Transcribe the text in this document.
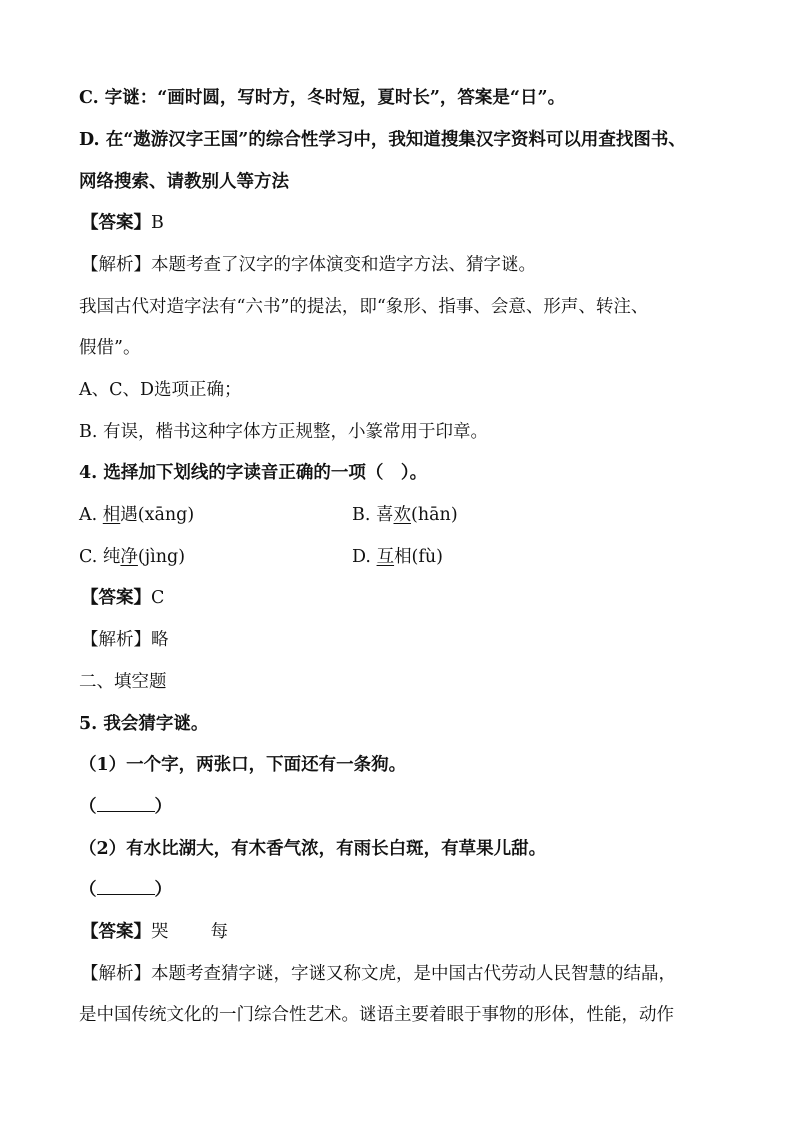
C. 字谜：“画时圆，写时方，冬时短，夏时长”，答案是“日”。
D. 在“遨游汉字王国”的综合性学习中，我知道搜集汉字资料可以用查找图书、
网络搜索、请教别人等方法
【答案】B
【解析】本题考查了汉字的字体演变和造字方法、猜字谜。
我国古代对造字法有“六书”的提法，即“象形、指事、会意、形声、转注、
假借”。
A、C、D选项正确；
B. 有误，楷书这种字体方正规整，小篆常用于印章。
4. 选择加下划线的字读音正确的一项（　）。
A. 相遇(xāng)	B. 喜欢(hān)
C. 纯净(jìng)	D. 互相(fù)
【答案】C
【解析】略
二、填空题
5. 我会猜字谜。
（1）一个字，两张口，下面还有一条狗。
（	）
（2）有水比湖大，有木香气浓，有雨长白斑，有草果儿甜。
（	）
【答案】哭 每
【解析】本题考查猜字谜，字谜又称文虎，是中国古代劳动人民智慧的结晶，
是中国传统文化的一门综合性艺术。谜语主要着眼于事物的形体，性能，动作
